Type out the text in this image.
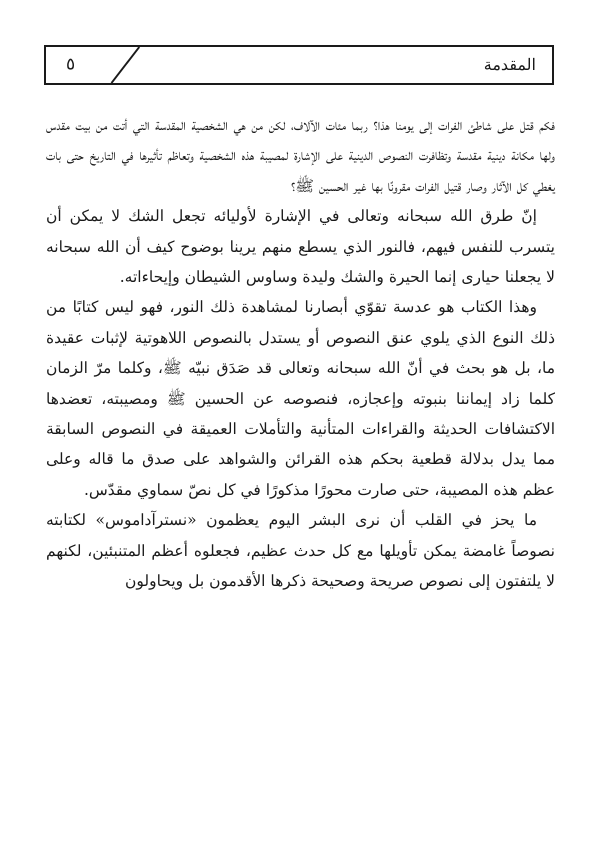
٥	المقدمة

فكم قتل على شاطئ الفرات إلى يومنا هذا؟ ربما مئات الآلاف، لكن من هي الشخصية المقدسة التي أتت من بيت مقدس ولها مكانة دينية مقدسة وتظافرت النصوص الدينية على الإشارة لمصيبة هذه الشخصية وتعاظم تأثيرها في التاريخ حتى بات يغطي كل الآثار وصار قتيل الفرات مقرونًا بها غير الحسين ﷺ؟

إنّ طرق الله سبحانه وتعالى في الإشارة لأوليائه تجعل الشك لا يمكن أن يتسرب للنفس فيهم، فالنور الذي يسطع منهم يرينا بوضوح كيف أن الله سبحانه لا يجعلنا حيارى إنما الحيرة والشك وليدة وساوس الشيطان وإيحاءاته.

وهذا الكتاب هو عدسة تقوّي أبصارنا لمشاهدة ذلك النور، فهو ليس كتابًا من ذلك النوع الذي يلوي عنق النصوص أو يستدل بالنصوص اللاهوتية لإثبات عقيدة ما، بل هو بحث في أنّ الله سبحانه وتعالى قد صَدَق نبيّه ﷺ، وكلما مرّ الزمان كلما زاد إيماننا بنبوته وإعجازه، فنصوصه عن الحسين ﷺ ومصيبته، تعضدها الاكتشافات الحديثة والقراءات المتأنية والتأملات العميقة في النصوص السابقة مما يدل بدلالة قطعية بحكم هذه القرائن والشواهد على صدق ما قاله وعلى عظم هذه المصيبة، حتى صارت محورًا مذكورًا في كل نصّ سماوي مقدّس.

ما يحز في القلب أن نرى البشر اليوم يعظمون «نسترآداموس» لكتابته نصوصاً غامضة يمكن تأويلها مع كل حدث عظيم، فجعلوه أعظم المتنبئين، لكنهم لا يلتفتون إلى نصوص صريحة وصحيحة ذكرها الأقدمون بل ويحاولون
